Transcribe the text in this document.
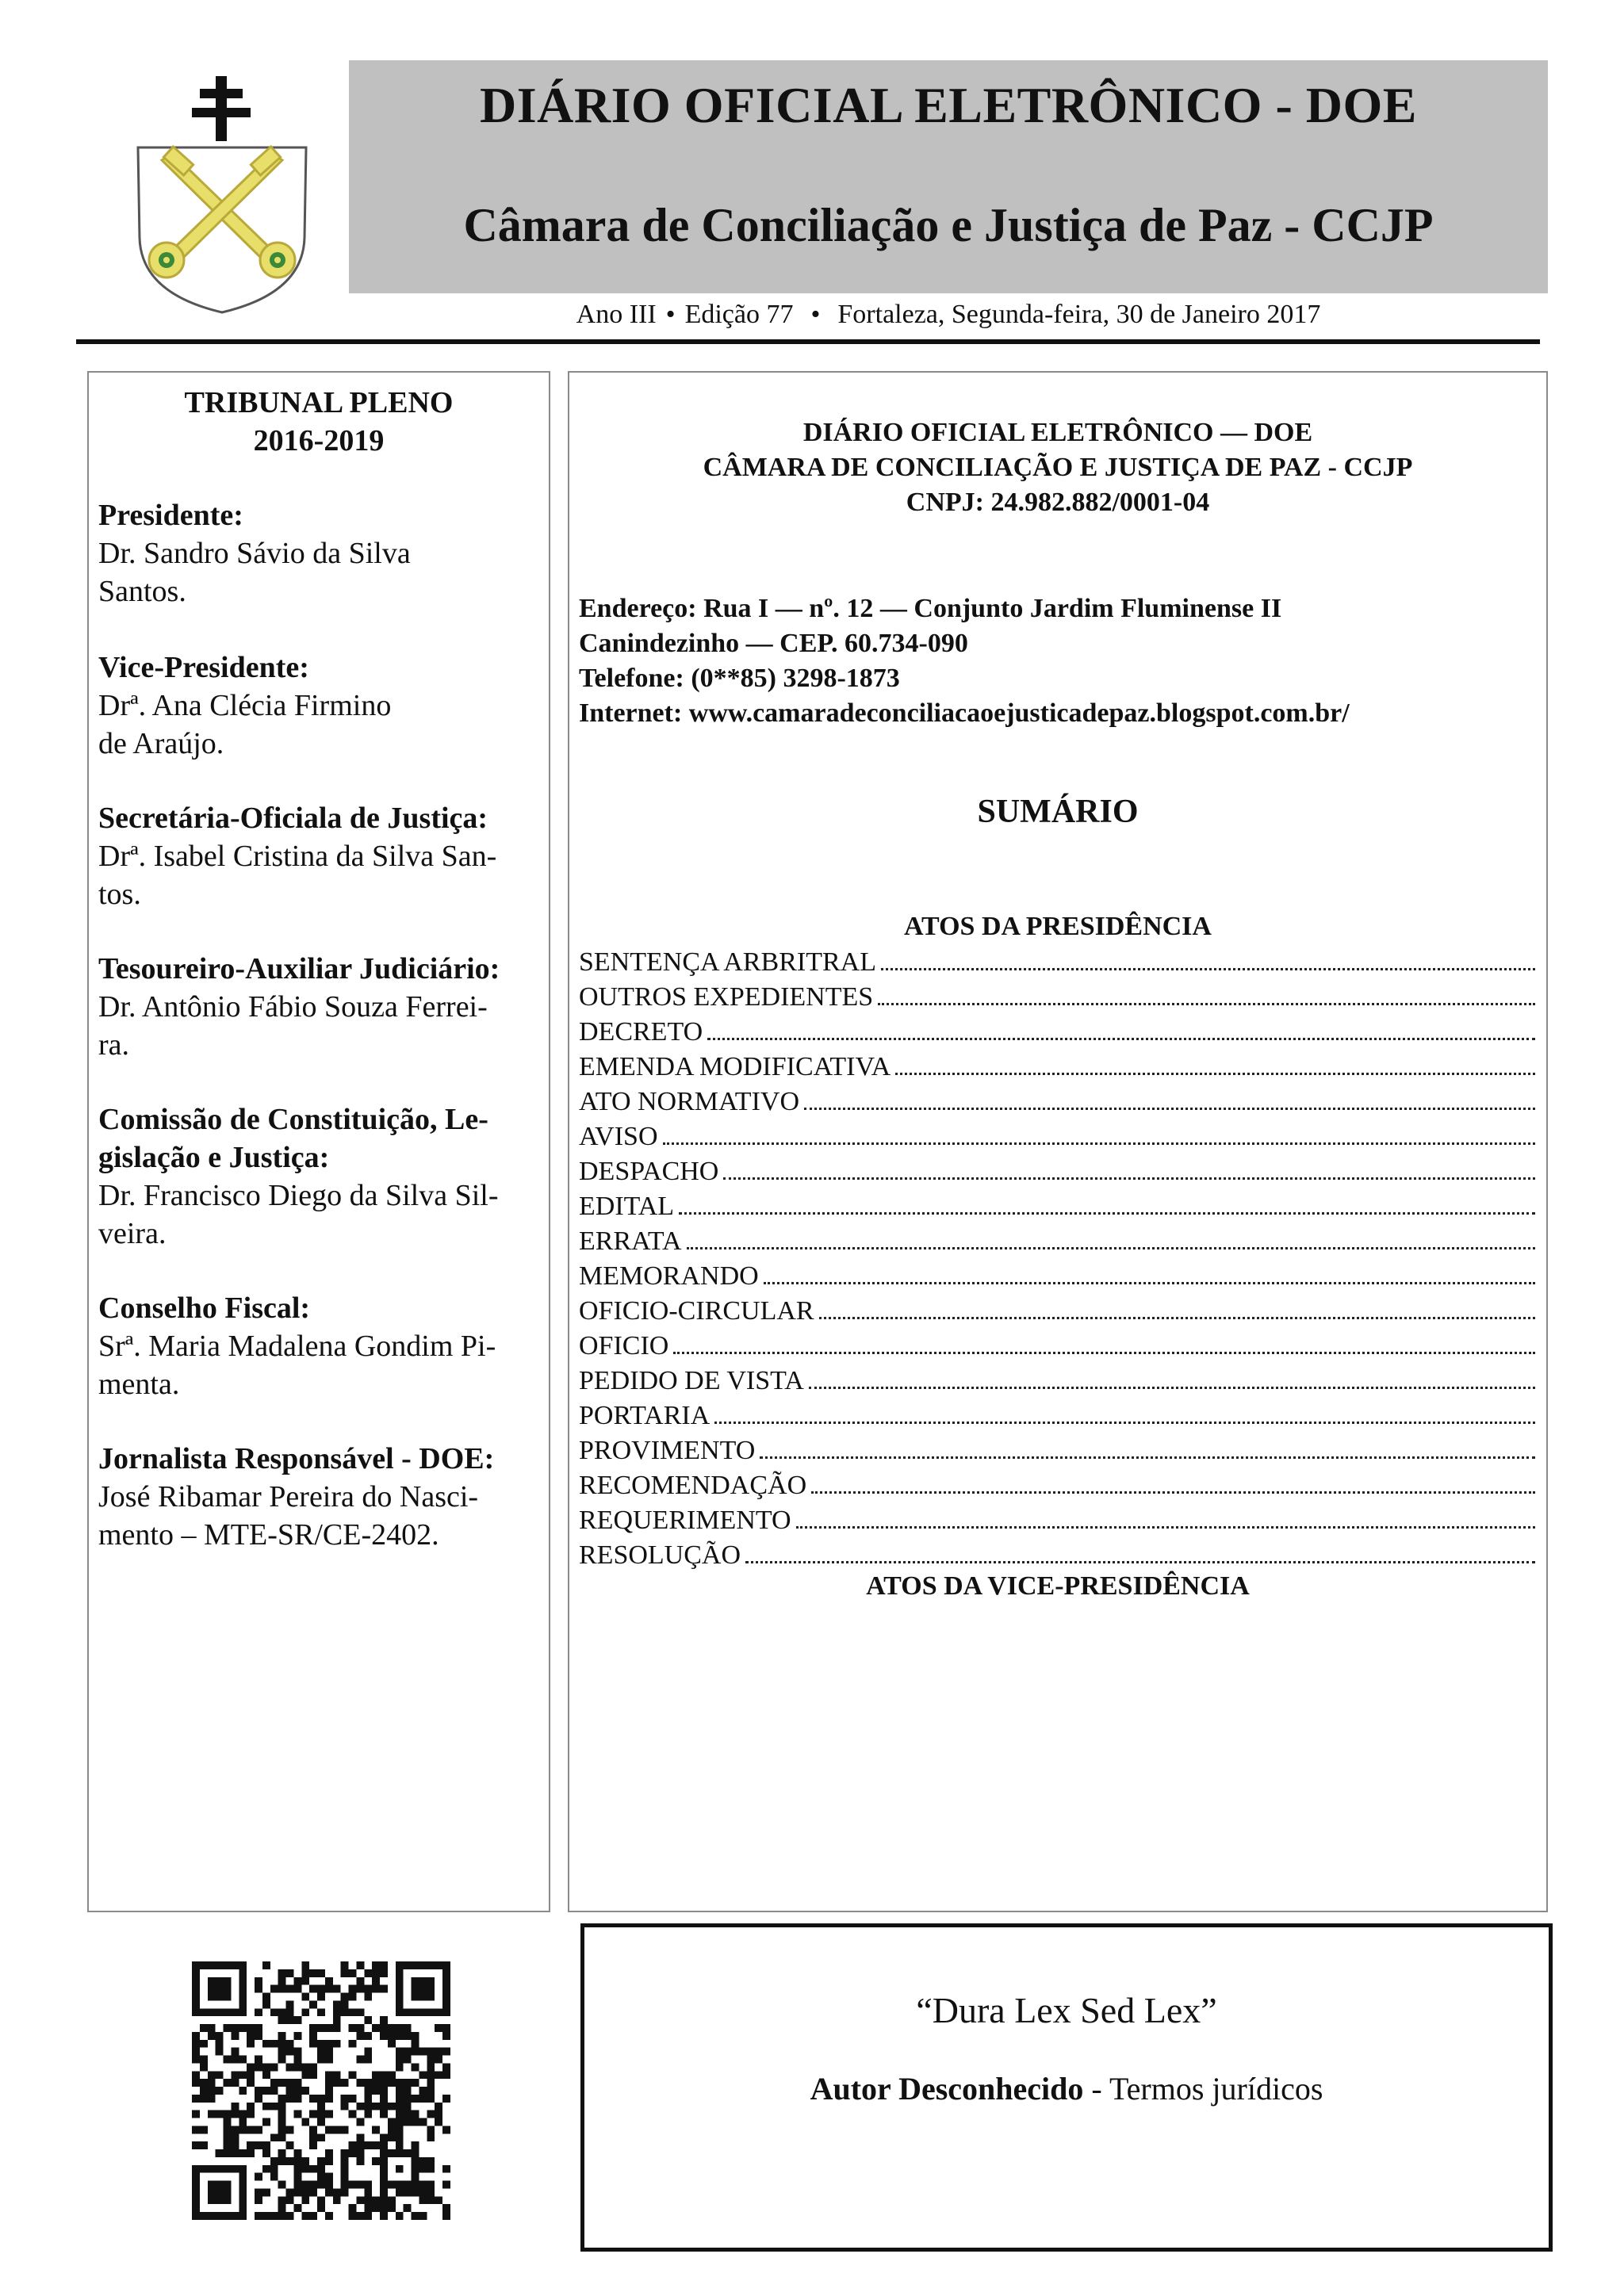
DIÁRIO OFICIAL ELETRÔNICO - DOE
Câmara de Conciliação e Justiça de Paz - CCJP
Ano III • Edição 77 • Fortaleza, Segunda-feira, 30 de Janeiro 2017
TRIBUNAL PLENO
2016-2019
Presidente:
Dr. Sandro Sávio da Silva
Santos.
Vice-Presidente:
Drª. Ana Clécia Firmino
de Araújo.
Secretária-Oficiala de Justiça:
Drª. Isabel Cristina da Silva San-
tos.
Tesoureiro-Auxiliar Judiciário:
Dr. Antônio Fábio Souza Ferrei-
ra.
Comissão de Constituição, Le-
gislação e Justiça:
Dr. Francisco Diego da Silva Sil-
veira.
Conselho Fiscal:
Srª. Maria Madalena Gondim Pi-
menta.
Jornalista Responsável - DOE:
José Ribamar Pereira do Nasci-
mento – MTE-SR/CE-2402.
DIÁRIO OFICIAL ELETRÔNICO — DOE
CÂMARA DE CONCILIAÇÃO E JUSTIÇA DE PAZ - CCJP
CNPJ: 24.982.882/0001-04
Endereço: Rua I — nº. 12 — Conjunto Jardim Fluminense II
Canindezinho — CEP. 60.734-090
Telefone: (0**85) 3298-1873
Internet: www.camaradeconciliacaoejusticadepaz.blogspot.com.br/
SUMÁRIO
ATOS DA PRESIDÊNCIA
SENTENÇA ARBRITRAL
OUTROS EXPEDIENTES
DECRETO
EMENDA MODIFICATIVA
ATO NORMATIVO
AVISO
DESPACHO
EDITAL
ERRATA
MEMORANDO
OFICIO-CIRCULAR
OFICIO
PEDIDO DE VISTA
PORTARIA
PROVIMENTO
RECOMENDAÇÃO
REQUERIMENTO
RESOLUÇÃO
ATOS DA VICE-PRESIDÊNCIA
“Dura Lex Sed Lex”
Autor Desconhecido - Termos jurídicos
